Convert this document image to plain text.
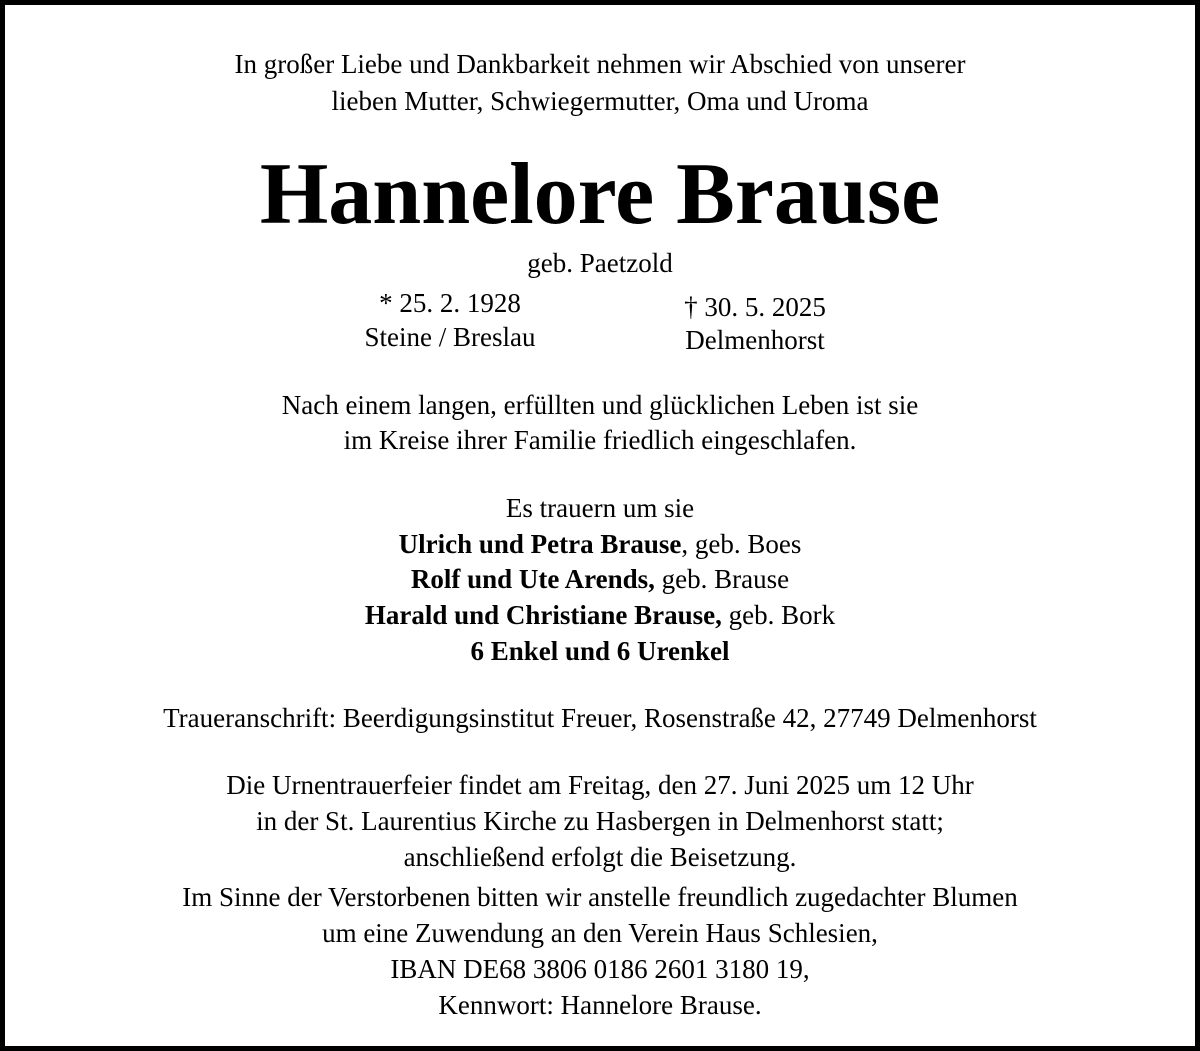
In großer Liebe und Dankbarkeit nehmen wir Abschied von unserer
lieben Mutter, Schwiegermutter, Oma und Uroma
Hannelore Brause
geb. Paetzold
* 25. 2. 1928
Steine / Breslau
† 30. 5. 2025
Delmenhorst
Nach einem langen, erfüllten und glücklichen Leben ist sie
im Kreise ihrer Familie friedlich eingeschlafen.
Es trauern um sie
Ulrich und Petra Brause, geb. Boes
Rolf und Ute Arends, geb. Brause
Harald und Christiane Brause, geb. Bork
6 Enkel und 6 Urenkel
Traueranschrift: Beerdigungsinstitut Freuer, Rosenstraße 42, 27749 Delmenhorst
Die Urnentrauerfeier findet am Freitag, den 27. Juni 2025 um 12 Uhr
in der St. Laurentius Kirche zu Hasbergen in Delmenhorst statt;
anschließend erfolgt die Beisetzung.
Im Sinne der Verstorbenen bitten wir anstelle freundlich zugedachter Blumen
um eine Zuwendung an den Verein Haus Schlesien,
IBAN DE68 3806 0186 2601 3180 19,
Kennwort: Hannelore Brause.
